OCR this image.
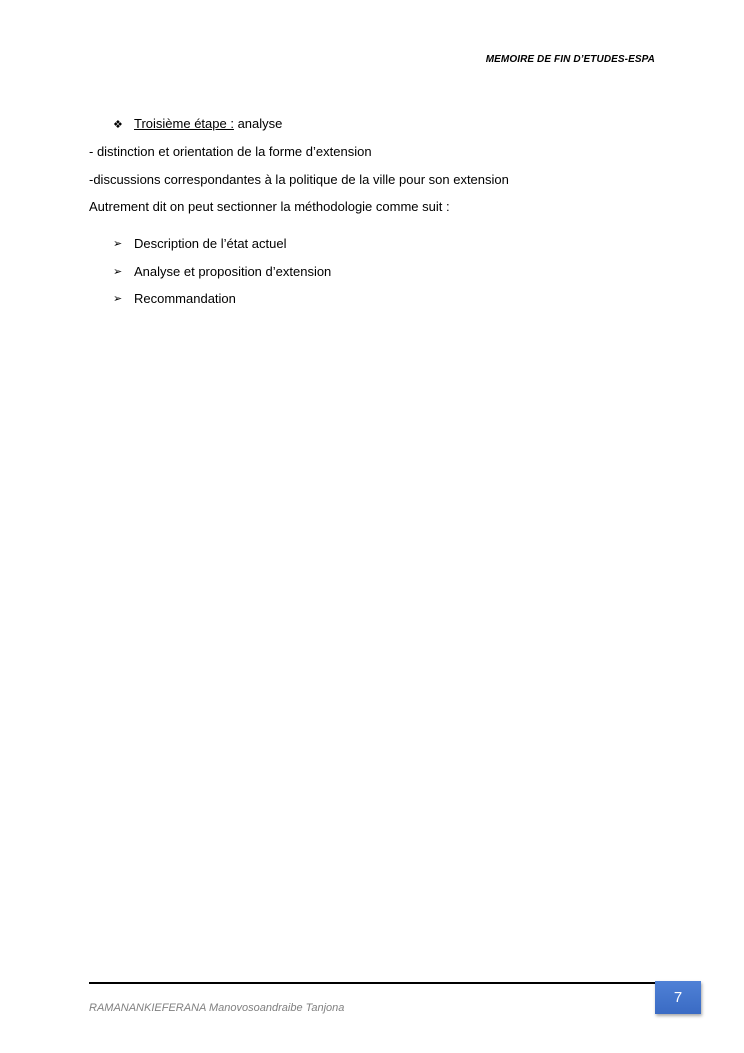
MEMOIRE DE FIN D’ETUDES-ESPA
❖ Troisième étape : analyse
- distinction et orientation de la forme d’extension
-discussions correspondantes à la politique de la ville pour son extension
Autrement dit on peut sectionner la méthodologie comme suit :
➢ Description de l’état actuel
➢ Analyse et proposition d’extension
➢ Recommandation
RAMANANKIEFERANA Manovosoandraibe Tanjona
7
